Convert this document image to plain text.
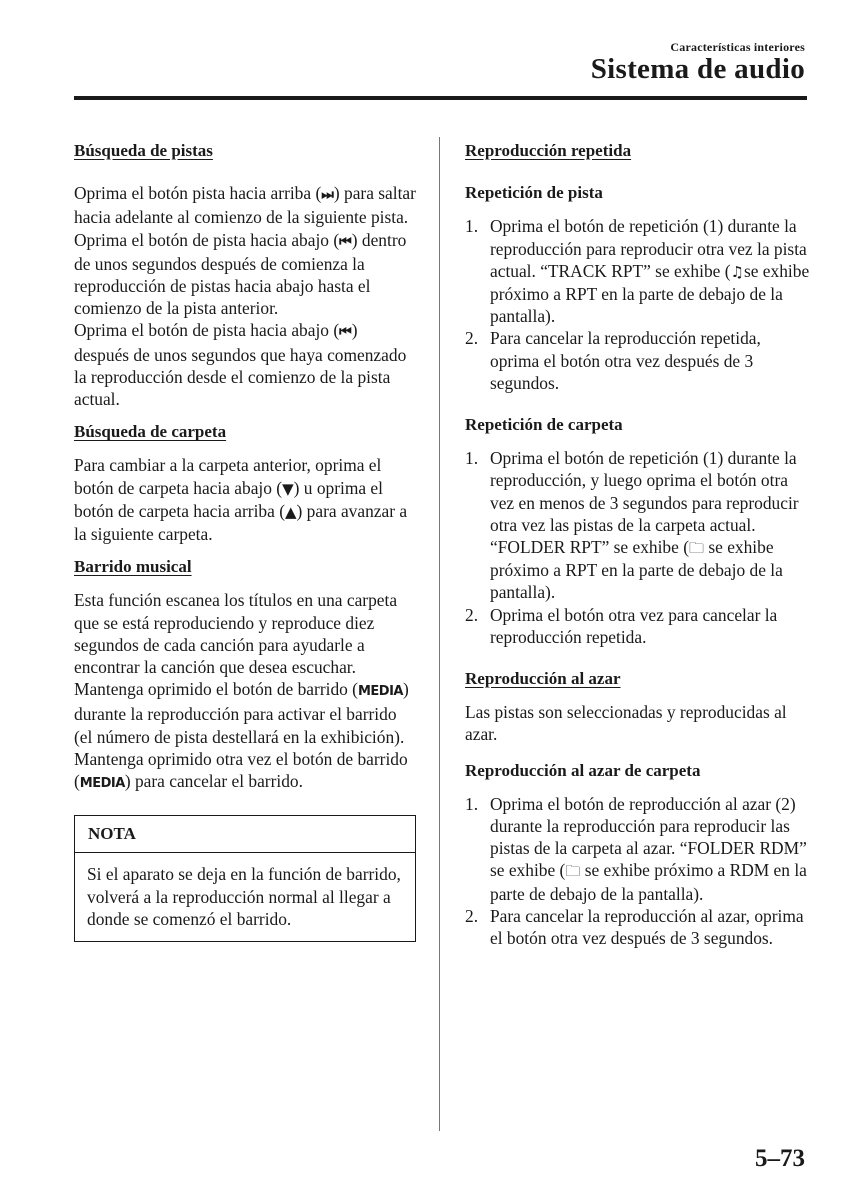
Características interiores
Sistema de audio
Búsqueda de pistas

Oprima el botón pista hacia arriba (⏭) para saltar hacia adelante al comienzo de la siguiente pista.

Oprima el botón de pista hacia abajo (⏮) dentro de unos segundos después de comienza la reproducción de pistas hacia abajo hasta el comienzo de la pista anterior.

Oprima el botón de pista hacia abajo (⏮) después de unos segundos que haya comenzado la reproducción desde el comienzo de la pista actual.

Búsqueda de carpeta

Para cambiar a la carpeta anterior, oprima el botón de carpeta hacia abajo (▼) u oprima el botón de carpeta hacia arriba (▲) para avanzar a la siguiente carpeta.

Barrido musical

Esta función escanea los títulos en una carpeta que se está reproduciendo y reproduce diez segundos de cada canción para ayudarle a encontrar la canción que desea escuchar.

Mantenga oprimido el botón de barrido (MEDIA) durante la reproducción para activar el barrido (el número de pista destellará en la exhibición). Mantenga oprimido otra vez el botón de barrido (MEDIA) para cancelar el barrido.

NOTA
Si el aparato se deja en la función de barrido, volverá a la reproducción normal al llegar a donde se comenzó el barrido.
Reproducción repetida
Repetición de pista
1. Oprima el botón de repetición (1) durante la reproducción para reproducir otra vez la pista actual. “TRACK RPT” se exhibe (♫se exhibe próximo a RPT en la parte de debajo de la pantalla).
2. Para cancelar la reproducción repetida, oprima el botón otra vez después de 3 segundos.
Repetición de carpeta
1. Oprima el botón de repetición (1) durante la reproducción, y luego oprima el botón otra vez en menos de 3 segundos para reproducir otra vez las pistas de la carpeta actual. “FOLDER RPT” se exhibe (🗀 se exhibe próximo a RPT en la parte de debajo de la pantalla).
2. Oprima el botón otra vez para cancelar la reproducción repetida.
Reproducción al azar

Las pistas son seleccionadas y reproducidas al azar.

Reproducción al azar de carpeta
1. Oprima el botón de reproducción al azar (2) durante la reproducción para reproducir las pistas de la carpeta al azar. “FOLDER RDM” se exhibe (🗀 se exhibe próximo a RDM en la parte de debajo de la pantalla).
2. Para cancelar la reproducción al azar, oprima el botón otra vez después de 3 segundos.
5–73
